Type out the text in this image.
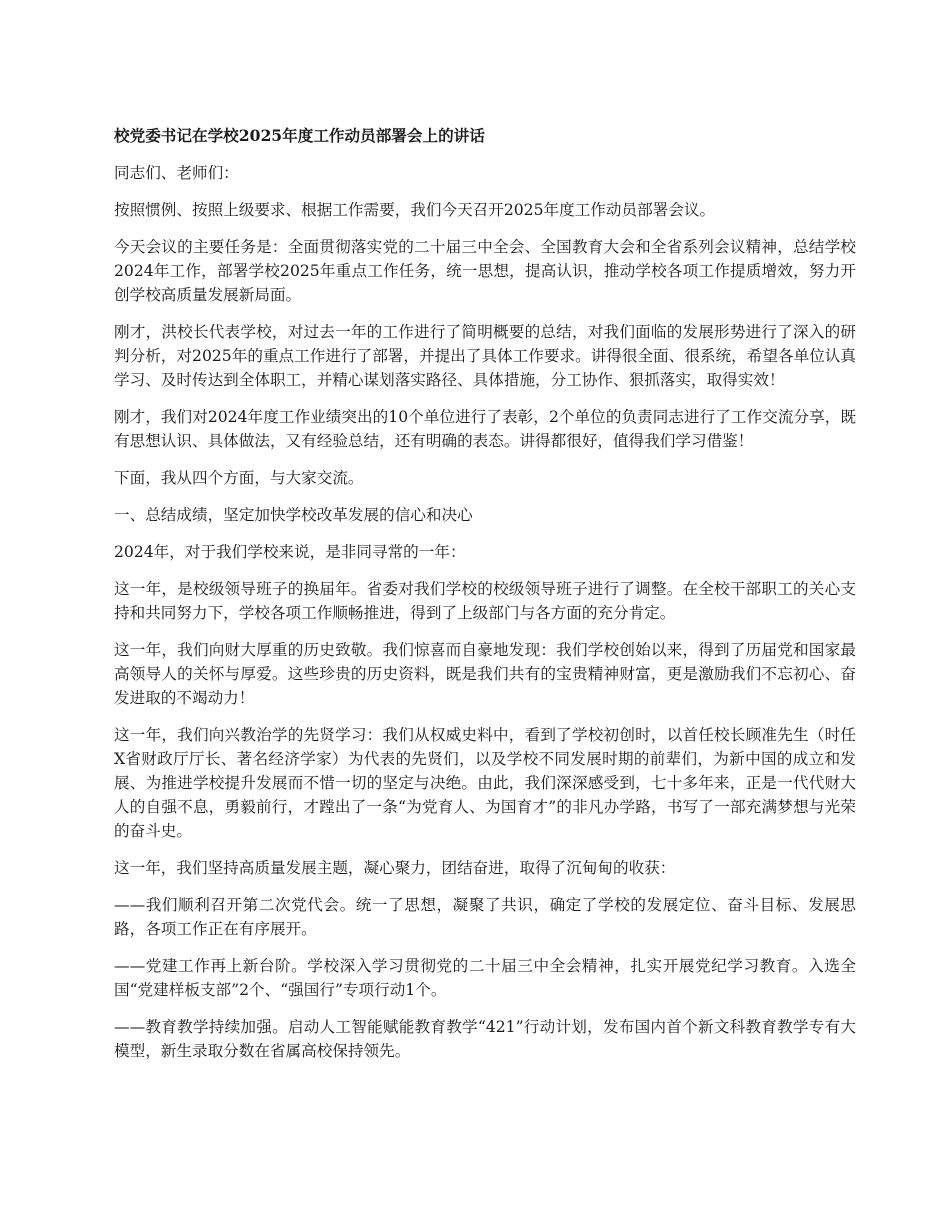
校党委书记在学校2025年度工作动员部署会上的讲话

同志们、老师们：

按照惯例、按照上级要求、根据工作需要，我们今天召开2025年度工作动员部署会议。

今天会议的主要任务是：全面贯彻落实党的二十届三中全会、全国教育大会和全省系列会议精神，总结学校2024年工作，部署学校2025年重点工作任务，统一思想，提高认识，推动学校各项工作提质增效，努力开创学校高质量发展新局面。

刚才，洪校长代表学校，对过去一年的工作进行了简明概要的总结，对我们面临的发展形势进行了深入的研判分析，对2025年的重点工作进行了部署，并提出了具体工作要求。讲得很全面、很系统，希望各单位认真学习、及时传达到全体职工，并精心谋划落实路径、具体措施，分工协作、狠抓落实，取得实效！

刚才，我们对2024年度工作业绩突出的10个单位进行了表彰，2个单位的负责同志进行了工作交流分享，既有思想认识、具体做法，又有经验总结，还有明确的表态。讲得都很好，值得我们学习借鉴！

下面，我从四个方面，与大家交流。

一、总结成绩，坚定加快学校改革发展的信心和决心

2024年，对于我们学校来说，是非同寻常的一年：

这一年，是校级领导班子的换届年。省委对我们学校的校级领导班子进行了调整。在全校干部职工的关心支持和共同努力下，学校各项工作顺畅推进，得到了上级部门与各方面的充分肯定。

这一年，我们向财大厚重的历史致敬。我们惊喜而自豪地发现：我们学校创始以来，得到了历届党和国家最高领导人的关怀与厚爱。这些珍贵的历史资料，既是我们共有的宝贵精神财富，更是激励我们不忘初心、奋发进取的不竭动力！

这一年，我们向兴教治学的先贤学习：我们从权威史料中，看到了学校初创时，以首任校长顾准先生（时任X省财政厅厅长、著名经济学家）为代表的先贤们，以及学校不同发展时期的前辈们，为新中国的成立和发展、为推进学校提升发展而不惜一切的坚定与决绝。由此，我们深深感受到，七十多年来，正是一代代财大人的自强不息，勇毅前行，才蹚出了一条“为党育人、为国育才”的非凡办学路，书写了一部充满梦想与光荣的奋斗史。

这一年，我们坚持高质量发展主题，凝心聚力，团结奋进，取得了沉甸甸的收获：

——我们顺利召开第二次党代会。统一了思想，凝聚了共识，确定了学校的发展定位、奋斗目标、发展思路，各项工作正在有序展开。

——党建工作再上新台阶。学校深入学习贯彻党的二十届三中全会精神，扎实开展党纪学习教育。入选全国“党建样板支部”2个、“强国行”专项行动1个。

——教育教学持续加强。启动人工智能赋能教育教学“421”行动计划，发布国内首个新文科教育教学专有大模型，新生录取分数在省属高校保持领先。
